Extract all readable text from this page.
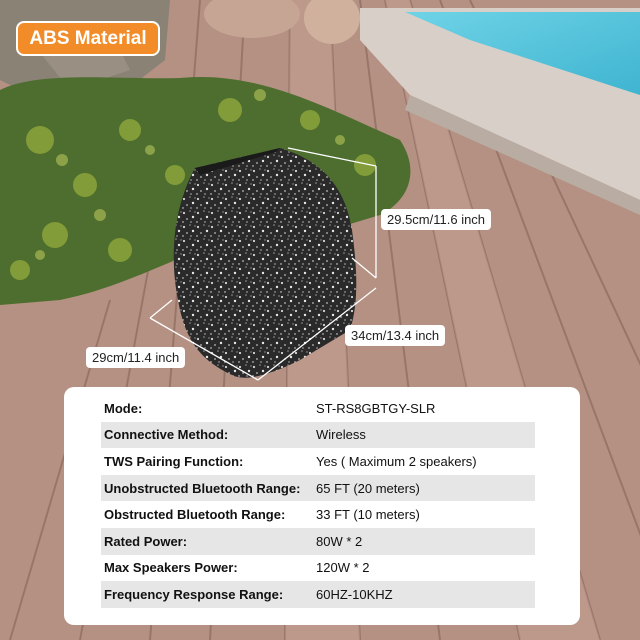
ABS Material
29.5cm/11.6 inch
34cm/13.4 inch
29cm/11.4 inch
Mode:	ST-RS8GBTGY-SLR
Connective Method:	Wireless
TWS Pairing Function:	Yes ( Maximum 2 speakers)
Unobstructed Bluetooth Range:	65 FT (20 meters)
Obstructed Bluetooth Range:	33 FT (10 meters)
Rated Power:	80W * 2
Max Speakers Power:	120W * 2
Frequency Response Range:	60HZ-10KHZ
